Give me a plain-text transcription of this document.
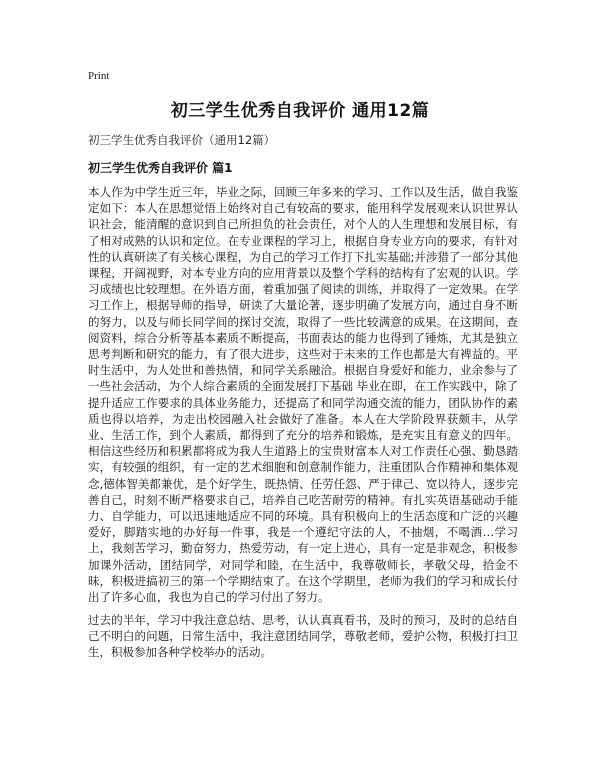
Print
初三学生优秀自我评价 通用12篇
初三学生优秀自我评价（通用12篇）
初三学生优秀自我评价 篇1

本人作为中学生近三年，毕业之际，回顾三年多来的学习、工作以及生活，做自我鉴定如下：本人在思想觉悟上始终对自己有较高的要求，能用科学发展观来认识世界认识社会，能清醒的意识到自己所担负的社会责任，对个人的人生理想和发展目标，有了相对成熟的认识和定位。在专业课程的学习上，根据自身专业方向的要求，有针对性的认真研读了有关核心课程，为自己的学习工作打下扎实基础;并涉猎了一部分其他课程，开阔视野，对本专业方向的应用背景以及整个学科的结构有了宏观的认识。学习成绩也比较理想。在外语方面，着重加强了阅读的训练，并取得了一定效果。在学习工作上，根据导师的指导，研读了大量论著，逐步明确了发展方向，通过自身不断的努力，以及与师长同学间的探讨交流，取得了一些比较满意的成果。在这期间，查阅资料，综合分析等基本素质不断提高，书面表达的能力也得到了锤炼，尤其是独立思考判断和研究的能力，有了很大进步，这些对于未来的工作也都是大有裨益的。平时生活中，为人处世和善热情，和同学关系融洽。根据自身爱好和能力，业余参与了一些社会活动，为个人综合素质的全面发展打下基础 毕业在即，在工作实践中，除了提升适应工作要求的具体业务能力，还提高了和同学沟通交流的能力，团队协作的素质也得以培养，为走出校园融入社会做好了准备。本人在大学阶段界获颇丰，从学业、生活工作，到个人素质，都得到了充分的培养和锻炼，是充实且有意义的四年。相信这些经历和积累都将成为我人生道路上的宝贵财富本人对工作责任心强、勤恳踏实，有较强的组织，有一定的艺术细胞和创意制作能力，注重团队合作精神和集体观念,德体智美都兼优，是个好学生，既热情、任劳任怨、严于律己、宽以待人，逐步完善自己，时刻不断严格要求自己，培养自己吃苦耐劳的精神。有扎实英语基础动手能力、自学能力，可以迅速地适应不同的环境。具有积极向上的生活态度和广泛的兴趣爱好，脚踏实地的办好每一件事，我是一个遵纪守法的人，不抽烟，不喝酒…学习上，我刻苦学习，勤奋努力，热爱劳动，有一定上进心，具有一定是非观念，积极参加课外活动，团结同学，对同学和睦，在生活中，我尊敬师长，孝敬父母，拾金不昧，积极进搞初三的第一个学期结束了。在这个学期里，老师为我们的学习和成长付出了许多心血，我也为自己的学习付出了努力。

过去的半年，学习中我注意总结、思考，认认真真看书，及时的预习，及时的总结自己不明白的问题，日常生活中，我注意团结同学，尊敬老师，爱护公物，积极打扫卫生，积极参加各种学校举办的活动。
